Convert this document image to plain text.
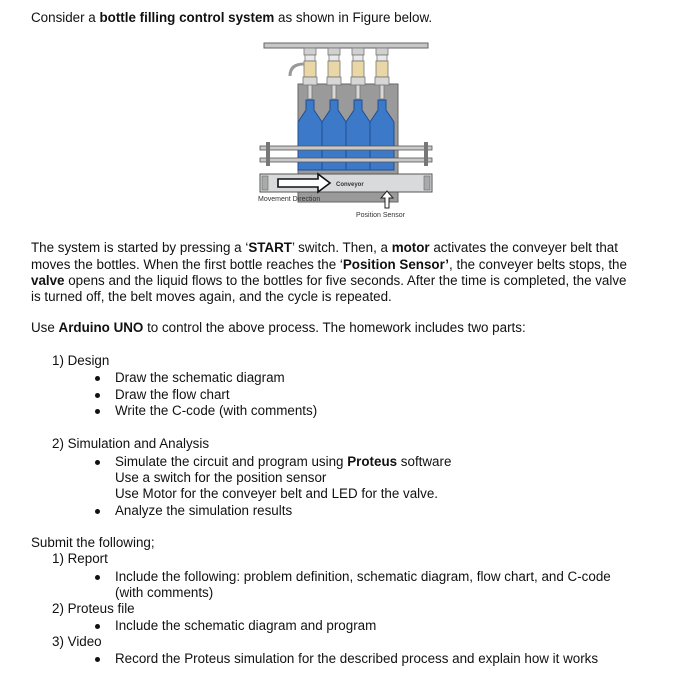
Consider a bottle filling control system as shown in Figure below.
Conveyor
Movement Direction
Position Sensor
The system is started by pressing a ‘START’ switch. Then, a motor activates the conveyer belt that
moves the bottles. When the first bottle reaches the ‘Position Sensor’, the conveyer belts stops, the
valve opens and the liquid flows to the bottles for five seconds. After the time is completed, the valve
is turned off, the belt moves again, and the cycle is repeated.
Use Arduino UNO to control the above process. The homework includes two parts:
1) Design
Draw the schematic diagram
Draw the flow chart
Write the C-code (with comments)
2) Simulation and Analysis
Simulate the circuit and program using Proteus software
Use a switch for the position sensor
Use Motor for the conveyer belt and LED for the valve.
Analyze the simulation results
Submit the following;
1) Report
Include the following: problem definition, schematic diagram, flow chart, and C-code
(with comments)
2) Proteus file
Include the schematic diagram and program
3) Video
Record the Proteus simulation for the described process and explain how it works
